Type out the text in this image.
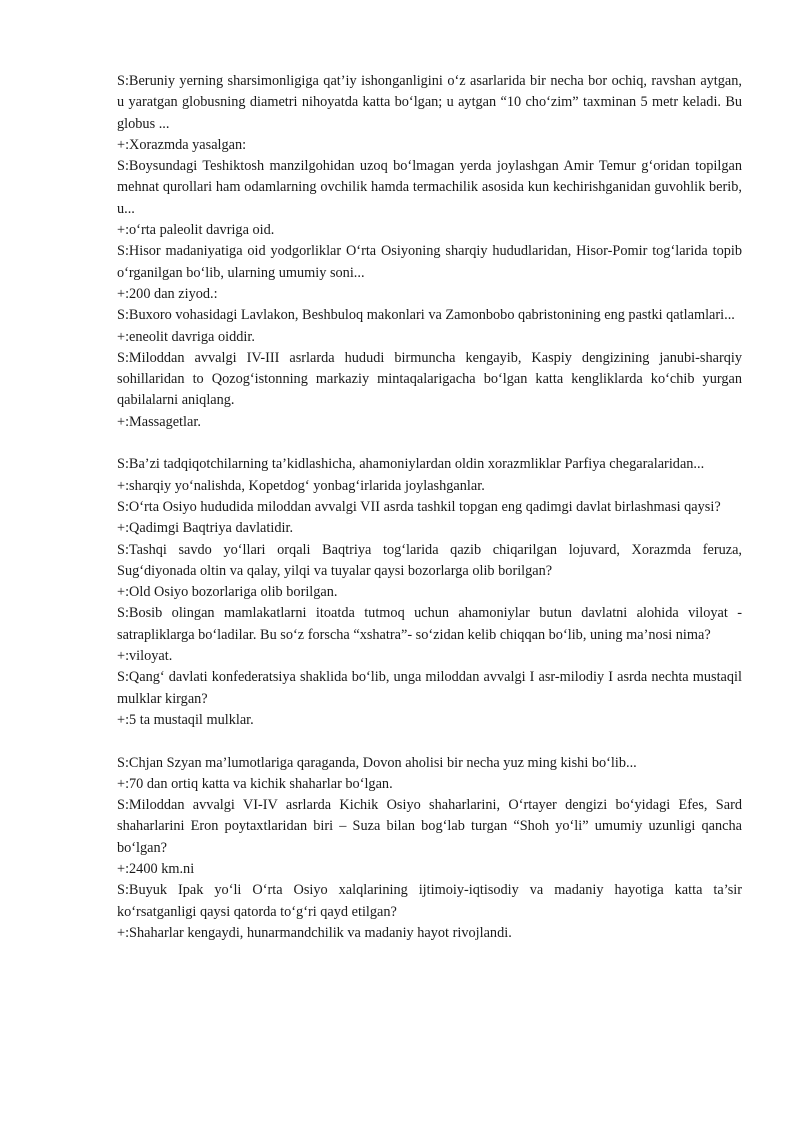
S:Beruniy yerning sharsimonligiga qat’iy ishonganligini o‘z asarlarida bir necha bor ochiq, ravshan aytgan, u yaratgan globusning diametri nihoyatda katta bo‘lgan; u aytgan “10 cho‘zim” taxminan 5 metr keladi. Bu globus ...

+:Xorazmda yasalgan:

S:Boysundagi Teshiktosh manzilgohidan uzoq bo‘lmagan yerda joylashgan Amir Temur g‘oridan topilgan mehnat qurollari ham odamlarning ovchilik hamda termachilik asosida kun kechirishganidan guvohlik berib, u...

+:o‘rta paleolit davriga oid.

S:Hisor madaniyatiga oid yodgorliklar O‘rta Osiyoning sharqiy hududlaridan, Hisor-Pomir tog‘larida topib o‘rganilgan bo‘lib, ularning umumiy soni...

+:200 dan ziyod.:

S:Buxoro vohasidagi Lavlakon, Beshbuloq makonlari va Zamonbobo qabristonining eng pastki qatlamlari...

+:eneolit davriga oiddir.

S:Miloddan avvalgi IV-III asrlarda hududi birmuncha kengayib, Kaspiy dengizining janubi-sharqiy sohillaridan to Qozog‘istonning markaziy mintaqalarigacha bo‘lgan katta kengliklarda ko‘chib yurgan qabilalarni aniqlang.

+:Massagetlar.

S:Ba’zi tadqiqotchilarning ta’kidlashicha, ahamoniylardan oldin xorazmliklar Parfiya chegaralaridan...

+:sharqiy yo‘nalishda, Kopetdog‘ yonbag‘irlarida joylashganlar.

S:O‘rta Osiyo hududida miloddan avvalgi VII asrda tashkil topgan eng qadimgi davlat birlashmasi qaysi?

+:Qadimgi Baqtriya davlatidir.

S:Tashqi savdo yo‘llari orqali Baqtriya tog‘larida qazib chiqarilgan lojuvard, Xorazmda feruza, Sug‘diyonada oltin va qalay, yilqi va tuyalar qaysi bozorlarga olib borilgan?

+:Old Osiyo bozorlariga olib borilgan.

S:Bosib olingan mamlakatlarni itoatda tutmoq uchun ahamoniylar butun davlatni alohida viloyat - satrapliklarga bo‘ladilar. Bu so‘z forscha “xshatra”- so‘zidan kelib chiqqan bo‘lib, uning ma’nosi nima?

+:viloyat.

S:Qang‘ davlati konfederatsiya shaklida bo‘lib, unga miloddan avvalgi I asr-milodiy I asrda nechta mustaqil mulklar kirgan?

+:5 ta mustaqil mulklar.

S:Chjan Szyan ma’lumotlariga qaraganda, Dovon aholisi bir necha yuz ming kishi bo‘lib...

+:70 dan ortiq katta va kichik shaharlar bo‘lgan.

S:Miloddan avvalgi VI-IV asrlarda Kichik Osiyo shaharlarini, O‘rtayer dengizi bo‘yidagi Efes, Sard shaharlarini Eron poytaxtlaridan biri – Suza bilan bog‘lab turgan “Shoh yo‘li” umumiy uzunligi qancha bo‘lgan?

+:2400 km.ni

S:Buyuk Ipak yo‘li O‘rta Osiyo xalqlarining ijtimoiy-iqtisodiy va madaniy hayotiga katta ta’sir ko‘rsatganligi qaysi qatorda to‘g‘ri qayd etilgan?

+:Shaharlar kengaydi, hunarmandchilik va madaniy hayot rivojlandi.
